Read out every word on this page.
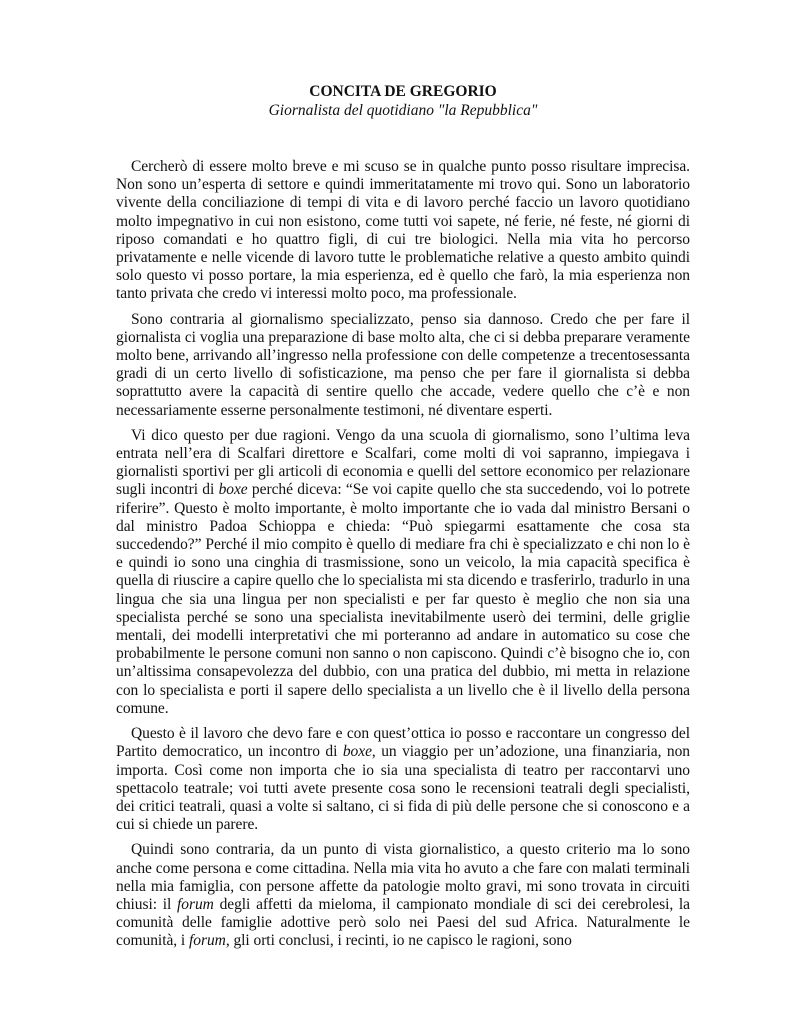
CONCITA DE GREGORIO

Giornalista del quotidiano "la Repubblica"

Cercherò di essere molto breve e mi scuso se in qualche punto posso risultare imprecisa. Non sono un’esperta di settore e quindi immeritatamente mi trovo qui. Sono un laboratorio vivente della conciliazione di tempi di vita e di lavoro perché faccio un lavoro quotidiano molto impegnativo in cui non esistono, come tutti voi sapete, né ferie, né feste, né giorni di riposo comandati e ho quattro figli, di cui tre biologici. Nella mia vita ho percorso privatamente e nelle vicende di lavoro tutte le problematiche relative a questo ambito quindi solo questo vi posso portare, la mia esperienza, ed è quello che farò, la mia esperienza non tanto privata che credo vi interessi molto poco, ma professionale.

Sono contraria al giornalismo specializzato, penso sia dannoso. Credo che per fare il giornalista ci voglia una preparazione di base molto alta, che ci si debba preparare veramente molto bene, arrivando all’ingresso nella professione con delle competenze a trecentosessanta gradi di un certo livello di sofisticazione, ma penso che per fare il giornalista si debba soprattutto avere la capacità di sentire quello che accade, vedere quello che c’è e non necessariamente esserne personalmente testimoni, né diventare esperti.

Vi dico questo per due ragioni. Vengo da una scuola di giornalismo, sono l’ultima leva entrata nell’era di Scalfari direttore e Scalfari, come molti di voi sapranno, impiegava i giornalisti sportivi per gli articoli di economia e quelli del settore economico per relazionare sugli incontri di boxe perché diceva: “Se voi capite quello che sta succedendo, voi lo potrete riferire”. Questo è molto importante, è molto importante che io vada dal ministro Bersani o dal ministro Padoa Schioppa e chieda: “Può spiegarmi esattamente che cosa sta succedendo?” Perché il mio compito è quello di mediare fra chi è specializzato e chi non lo è e quindi io sono una cinghia di trasmissione, sono un veicolo, la mia capacità specifica è quella di riuscire a capire quello che lo specialista mi sta dicendo e trasferirlo, tradurlo in una lingua che sia una lingua per non specialisti e per far questo è meglio che non sia una specialista perché se sono una specialista inevitabilmente userò dei termini, delle griglie mentali, dei modelli interpretativi che mi porteranno ad andare in automatico su cose che probabilmente le persone comuni non sanno o non capiscono. Quindi c’è bisogno che io, con un’altissima consapevolezza del dubbio, con una pratica del dubbio, mi metta in relazione con lo specialista e porti il sapere dello specialista a un livello che è il livello della persona comune.

Questo è il lavoro che devo fare e con quest’ottica io posso e raccontare un congresso del Partito democratico, un incontro di boxe, un viaggio per un’adozione, una finanziaria, non importa. Così come non importa che io sia una specialista di teatro per raccontarvi uno spettacolo teatrale; voi tutti avete presente cosa sono le recensioni teatrali degli specialisti, dei critici teatrali, quasi a volte si saltano, ci si fida di più delle persone che si conoscono e a cui si chiede un parere.

Quindi sono contraria, da un punto di vista giornalistico, a questo criterio ma lo sono anche come persona e come cittadina. Nella mia vita ho avuto a che fare con malati terminali nella mia famiglia, con persone affette da patologie molto gravi, mi sono trovata in circuiti chiusi: il forum degli affetti da mieloma, il campionato mondiale di sci dei cerebrolesi, la comunità delle famiglie adottive però solo nei Paesi del sud Africa. Naturalmente le comunità, i forum, gli orti conclusi, i recinti, io ne capisco le ragioni, sono
